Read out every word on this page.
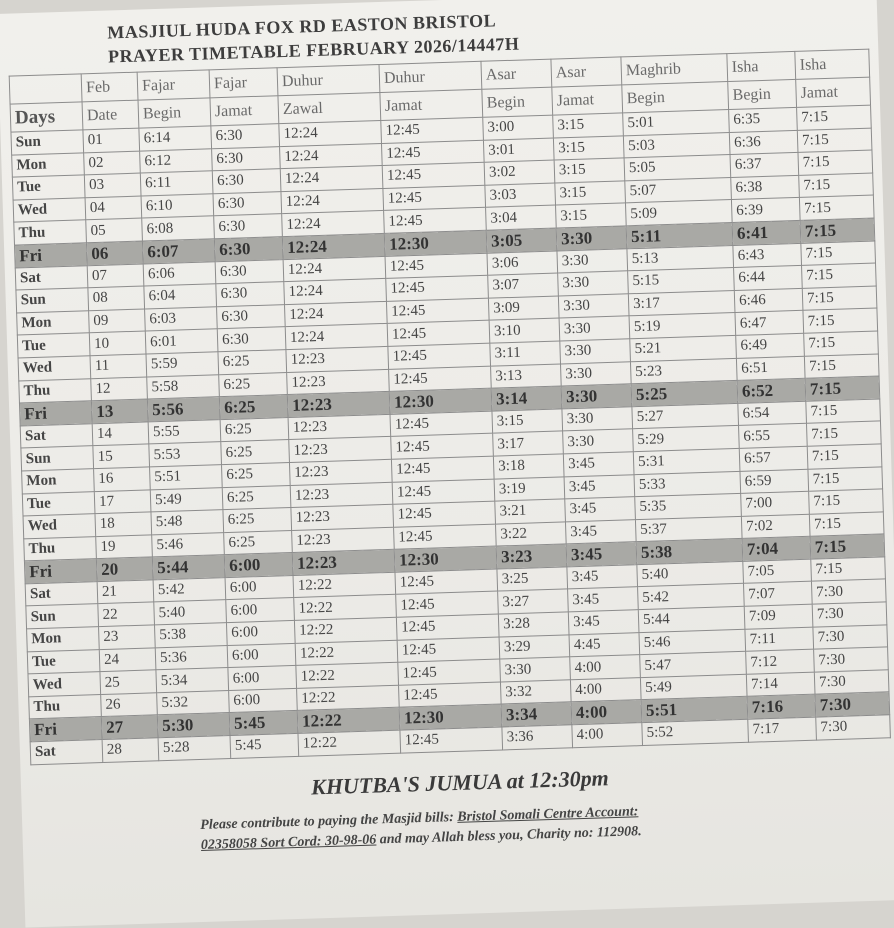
MASJIUL HUDA FOX RD EASTON BRISTOL
PRAYER TIMETABLE FEBRUARY 2026/14447H
	Feb	Fajar	Fajar	Duhur	Duhur	Asar	Asar	Maghrib	Isha	Isha
Days	Date	Begin	Jamat	Zawal	Jamat	Begin	Jamat	Begin	Begin	Jamat
Sun	01	6:14	6:30	12:24	12:45	3:00	3:15	5:01	6:35	7:15
Mon	02	6:12	6:30	12:24	12:45	3:01	3:15	5:03	6:36	7:15
Tue	03	6:11	6:30	12:24	12:45	3:02	3:15	5:05	6:37	7:15
Wed	04	6:10	6:30	12:24	12:45	3:03	3:15	5:07	6:38	7:15
Thu	05	6:08	6:30	12:24	12:45	3:04	3:15	5:09	6:39	7:15
Fri	06	6:07	6:30	12:24	12:30	3:05	3:30	5:11	6:41	7:15
Sat	07	6:06	6:30	12:24	12:45	3:06	3:30	5:13	6:43	7:15
Sun	08	6:04	6:30	12:24	12:45	3:07	3:30	5:15	6:44	7:15
Mon	09	6:03	6:30	12:24	12:45	3:09	3:30	3:17	6:46	7:15
Tue	10	6:01	6:30	12:24	12:45	3:10	3:30	5:19	6:47	7:15
Wed	11	5:59	6:25	12:23	12:45	3:11	3:30	5:21	6:49	7:15
Thu	12	5:58	6:25	12:23	12:45	3:13	3:30	5:23	6:51	7:15
Fri	13	5:56	6:25	12:23	12:30	3:14	3:30	5:25	6:52	7:15
Sat	14	5:55	6:25	12:23	12:45	3:15	3:30	5:27	6:54	7:15
Sun	15	5:53	6:25	12:23	12:45	3:17	3:30	5:29	6:55	7:15
Mon	16	5:51	6:25	12:23	12:45	3:18	3:45	5:31	6:57	7:15
Tue	17	5:49	6:25	12:23	12:45	3:19	3:45	5:33	6:59	7:15
Wed	18	5:48	6:25	12:23	12:45	3:21	3:45	5:35	7:00	7:15
Thu	19	5:46	6:25	12:23	12:45	3:22	3:45	5:37	7:02	7:15
Fri	20	5:44	6:00	12:23	12:30	3:23	3:45	5:38	7:04	7:15
Sat	21	5:42	6:00	12:22	12:45	3:25	3:45	5:40	7:05	7:15
Sun	22	5:40	6:00	12:22	12:45	3:27	3:45	5:42	7:07	7:30
Mon	23	5:38	6:00	12:22	12:45	3:28	3:45	5:44	7:09	7:30
Tue	24	5:36	6:00	12:22	12:45	3:29	4:45	5:46	7:11	7:30
Wed	25	5:34	6:00	12:22	12:45	3:30	4:00	5:47	7:12	7:30
Thu	26	5:32	6:00	12:22	12:45	3:32	4:00	5:49	7:14	7:30
Fri	27	5:30	5:45	12:22	12:30	3:34	4:00	5:51	7:16	7:30
Sat	28	5:28	5:45	12:22	12:45	3:36	4:00	5:52	7:17	7:30
KHUTBA'S JUMUA at 12:30pm
Please contribute to paying the Masjid bills: Bristol Somali Centre Account:
02358058 Sort Cord: 30-98-06 and may Allah bless you, Charity no: 112908.
